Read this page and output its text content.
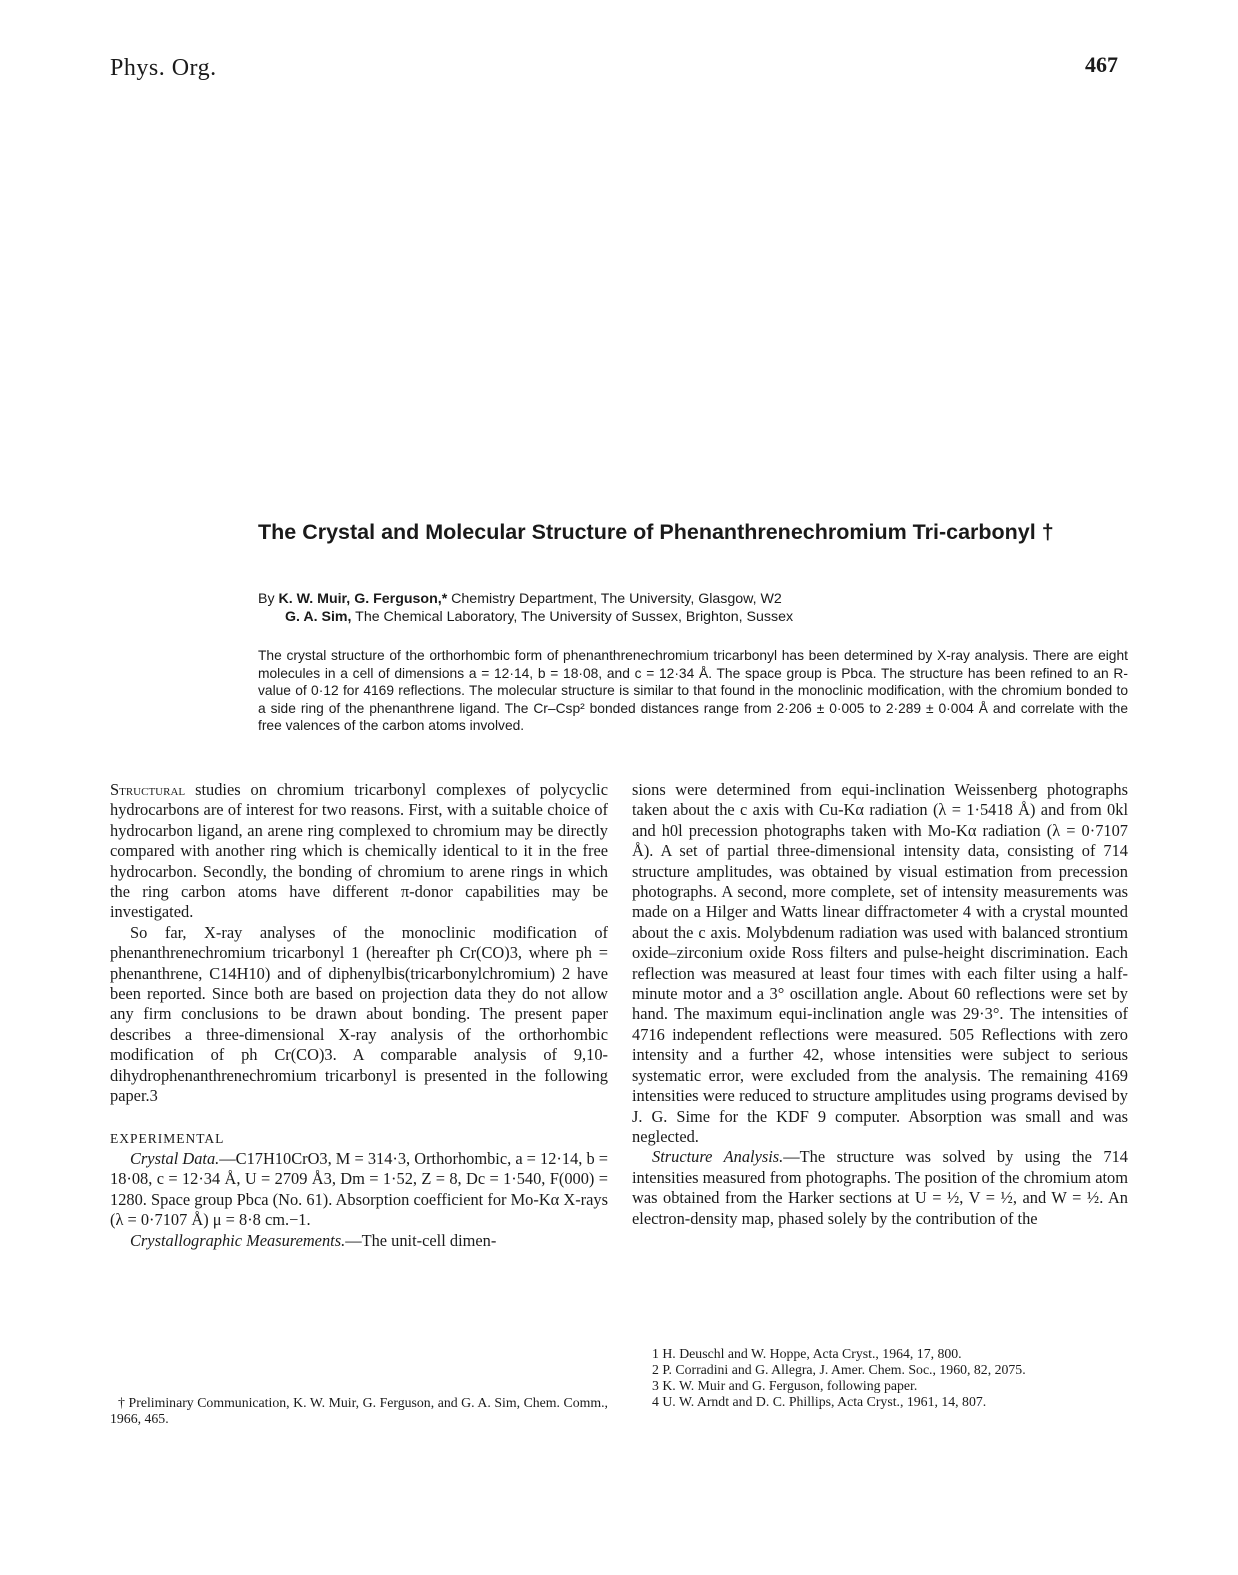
Phys. Org.	467
The Crystal and Molecular Structure of Phenanthrenechromium Tri-carbonyl †
By K. W. Muir, G. Ferguson,* Chemistry Department, The University, Glasgow, W2
G. A. Sim, The Chemical Laboratory, The University of Sussex, Brighton, Sussex
The crystal structure of the orthorhombic form of phenanthrenechromium tricarbonyl has been determined by X-ray analysis. There are eight molecules in a cell of dimensions a = 12·14, b = 18·08, and c = 12·34 Å. The space group is Pbca. The structure has been refined to an R-value of 0·12 for 4169 reflections. The molecular structure is similar to that found in the monoclinic modification, with the chromium bonded to a side ring of the phenanthrene ligand. The Cr–Csp² bonded distances range from 2·206 ± 0·005 to 2·289 ± 0·004 Å and correlate with the free valences of the carbon atoms involved.

Structural studies on chromium tricarbonyl complexes of polycyclic hydrocarbons are of interest for two reasons. First, with a suitable choice of hydrocarbon ligand, an arene ring complexed to chromium may be directly compared with another ring which is chemically identical to it in the free hydrocarbon. Secondly, the bonding of chromium to arene rings in which the ring carbon atoms have different π-donor capabilities may be investigated.

So far, X-ray analyses of the monoclinic modification of phenanthrenechromium tricarbonyl 1 (hereafter ph Cr(CO)3, where ph = phenanthrene, C14H10) and of diphenylbis(tricarbonylchromium) 2 have been reported. Since both are based on projection data they do not allow any firm conclusions to be drawn about bonding. The present paper describes a three-dimensional X-ray analysis of the orthorhombic modification of ph Cr(CO)3. A comparable analysis of 9,10-dihydrophenanthrenechromium tricarbonyl is presented in the following paper.3

EXPERIMENTAL

Crystal Data.—C17H10CrO3, M = 314·3, Orthorhombic, a = 12·14, b = 18·08, c = 12·34 Å, U = 2709 Å3, Dm = 1·52, Z = 8, Dc = 1·540, F(000) = 1280. Space group Pbca (No. 61). Absorption coefficient for Mo-Kα X-rays (λ = 0·7107 Å) μ = 8·8 cm.−1.

Crystallographic Measurements.—The unit-cell dimen-

† Preliminary Communication, K. W. Muir, G. Ferguson, and G. A. Sim, Chem. Comm., 1966, 465.

sions were determined from equi-inclination Weissenberg photographs taken about the c axis with Cu-Kα radiation (λ = 1·5418 Å) and from 0kl and h0l precession photographs taken with Mo-Kα radiation (λ = 0·7107 Å). A set of partial three-dimensional intensity data, consisting of 714 structure amplitudes, was obtained by visual estimation from precession photographs. A second, more complete, set of intensity measurements was made on a Hilger and Watts linear diffractometer 4 with a crystal mounted about the c axis. Molybdenum radiation was used with balanced strontium oxide–zirconium oxide Ross filters and pulse-height discrimination. Each reflection was measured at least four times with each filter using a half-minute motor and a 3° oscillation angle. About 60 reflections were set by hand. The maximum equi-inclination angle was 29·3°. The intensities of 4716 independent reflections were measured. 505 Reflections with zero intensity and a further 42, whose intensities were subject to serious systematic error, were excluded from the analysis. The remaining 4169 intensities were reduced to structure amplitudes using programs devised by J. G. Sime for the KDF 9 computer. Absorption was small and was neglected.

Structure Analysis.—The structure was solved by using the 714 intensities measured from photographs. The position of the chromium atom was obtained from the Harker sections at U = ½, V = ½, and W = ½. An electron-density map, phased solely by the contribution of the

1 H. Deuschl and W. Hoppe, Acta Cryst., 1964, 17, 800.

2 P. Corradini and G. Allegra, J. Amer. Chem. Soc., 1960, 82, 2075.

3 K. W. Muir and G. Ferguson, following paper.

4 U. W. Arndt and D. C. Phillips, Acta Cryst., 1961, 14, 807.
